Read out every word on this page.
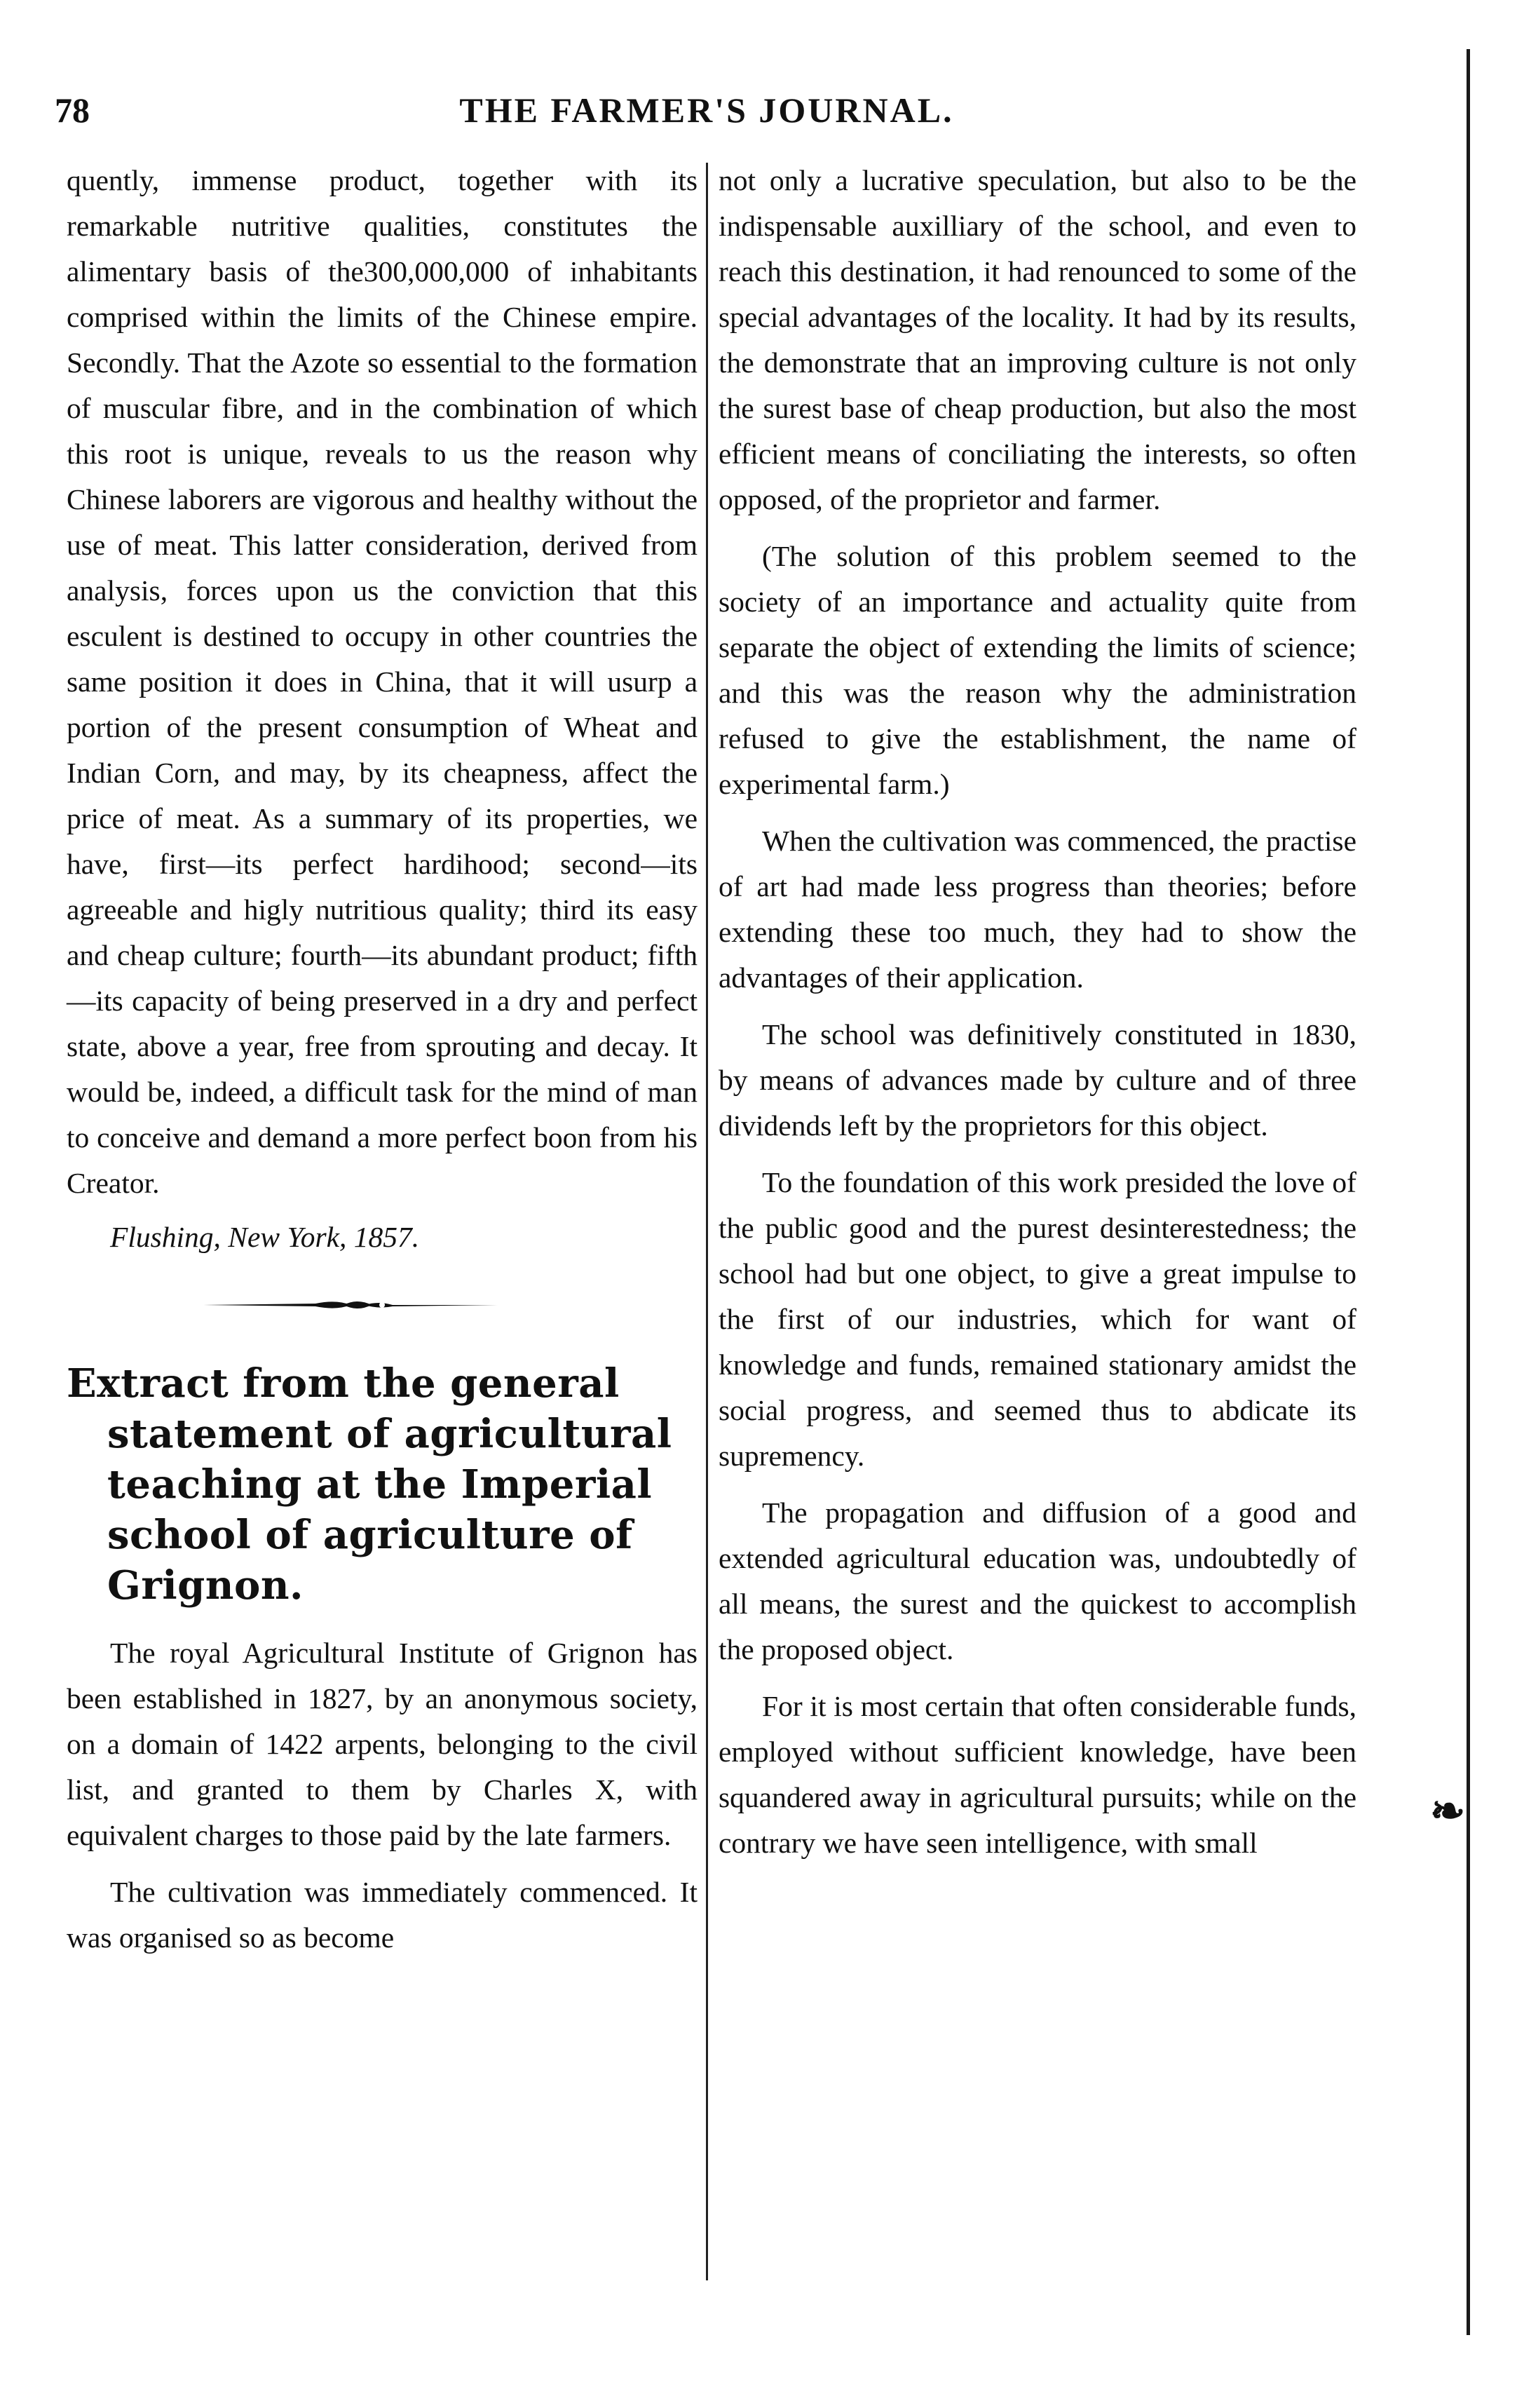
78	THE FARMER'S JOURNAL.

quently, immense product, together with its remarkable nutritive qualities, constitutes the alimentary basis of the300,000,000 of inhabitants comprised within the limits of the Chinese empire. Secondly. That the Azote so essential to the formation of muscular fibre, and in the combination of which this root is unique, reveals to us the reason why Chinese laborers are vigorous and healthy without the use of meat. This latter consideration, derived from analysis, forces upon us the conviction that this esculent is destined to occupy in other countries the same position it does in China, that it will usurp a portion of the present consumption of Wheat and Indian Corn, and may, by its cheapness, affect the price of meat. As a summary of its properties, we have, first—its perfect hardihood; second—its agreeable and higly nutritious quality; third its easy and cheap culture; fourth—its abundant product; fifth—its capacity of being preserved in a dry and perfect state, above a year, free from sprouting and decay. It would be, indeed, a difficult task for the mind of man to conceive and demand a more perfect boon from his Creator.

Flushing, New York, 1857.

Extract from the general statement of agricultural teaching at the Imperial school of agriculture of Grignon.

The royal Agricultural Institute of Grignon has been established in 1827, by an anonymous society, on a domain of 1422 arpents, belonging to the civil list, and granted to them by Charles X, with equivalent charges to those paid by the late farmers.

The cultivation was immediately commenced. It was organised so as become

not only a lucrative speculation, but also to be the indispensable auxilliary of the school, and even to reach this destination, it had renounced to some of the special advantages of the locality. It had by its results, the demonstrate that an improving culture is not only the surest base of cheap production, but also the most efficient means of conciliating the interests, so often opposed, of the proprietor and farmer.

(The solution of this problem seemed to the society of an importance and actuality quite from separate the object of extending the limits of science; and this was the reason why the administration refused to give the establishment, the name of experimental farm.)

When the cultivation was commenced, the practise of art had made less progress than theories; before extending these too much, they had to show the advantages of their application.

The school was definitively constituted in 1830, by means of advances made by culture and of three dividends left by the proprietors for this object.

To the foundation of this work presided the love of the public good and the purest desinterestedness; the school had but one object, to give a great impulse to the first of our industries, which for want of knowledge and funds, remained stationary amidst the social progress, and seemed thus to abdicate its supremency.

The propagation and diffusion of a good and extended agricultural education was, undoubtedly of all means, the surest and the quickest to accomplish the proposed object.

For it is most certain that often considerable funds, employed without sufficient knowledge, have been squandered away in agricultural pursuits; while on the contrary we have seen intelligence, with small

❧
